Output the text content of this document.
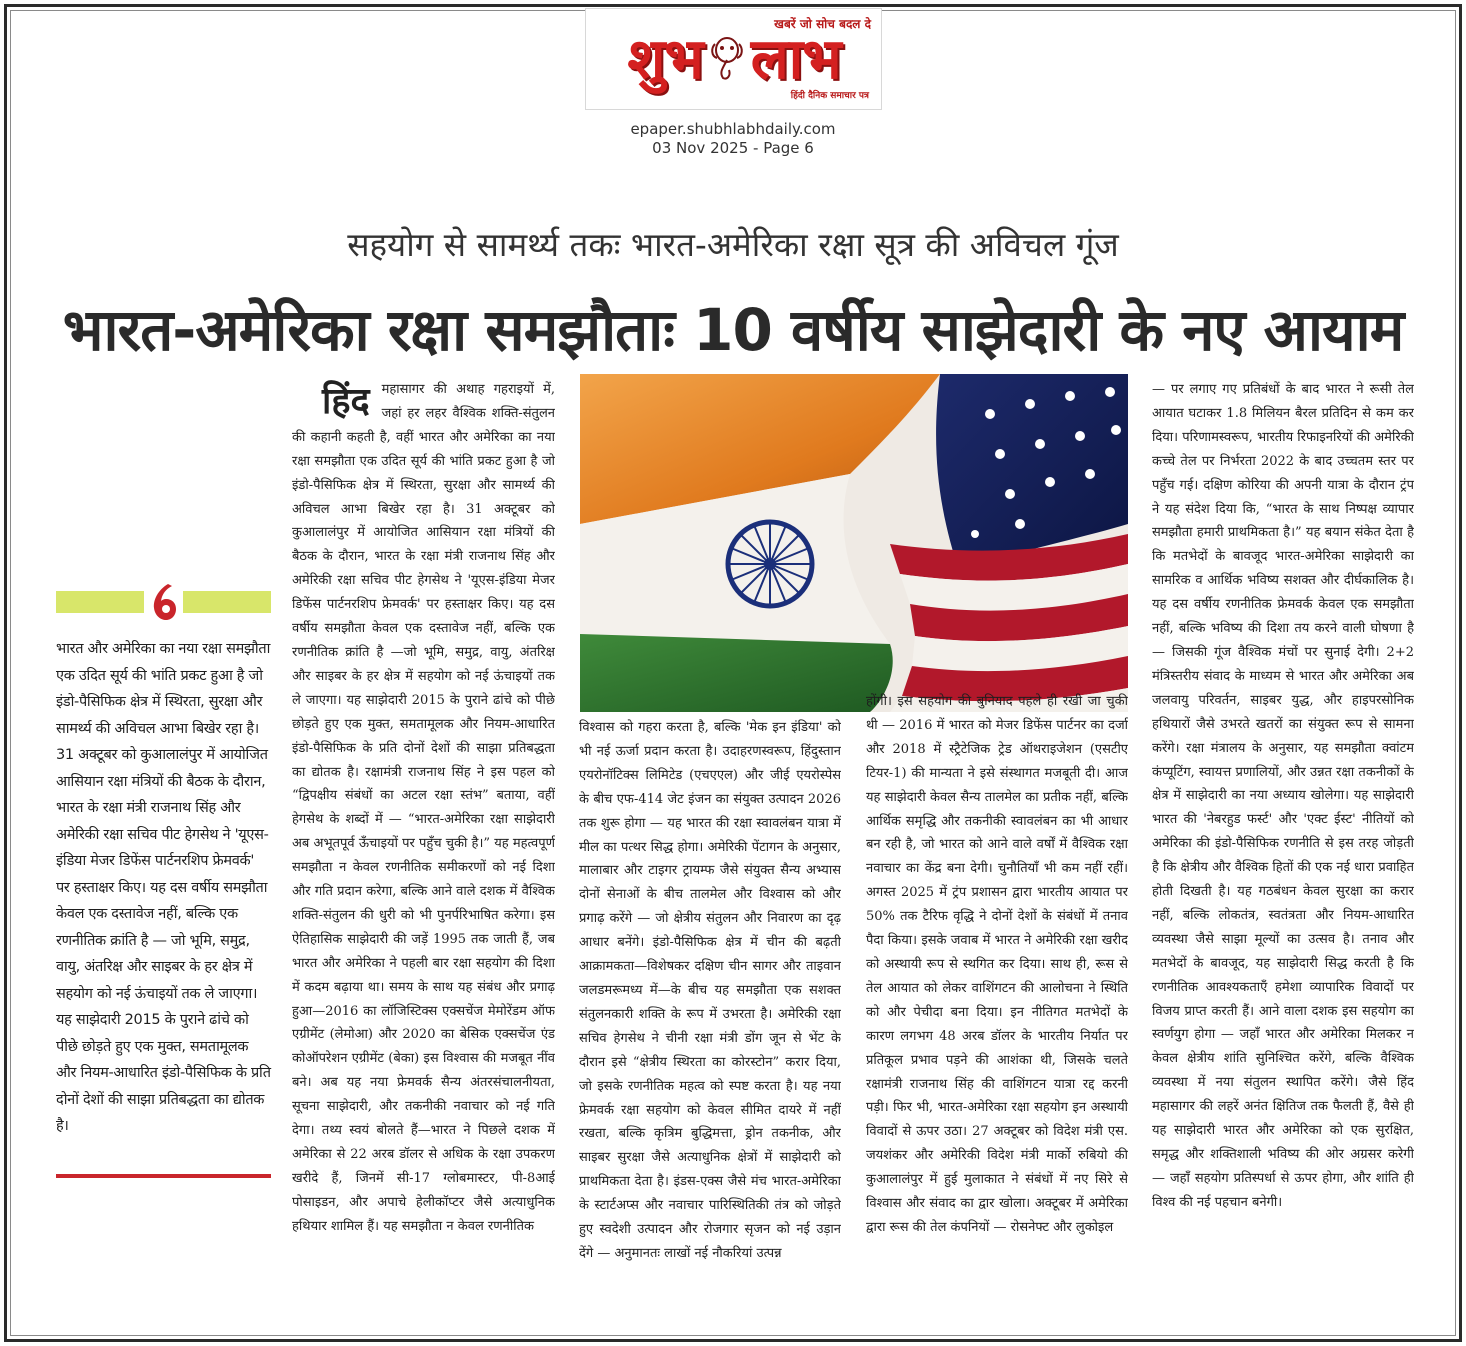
खबरें जो सोच बदल दे
शुभ लाभ
हिंदी दैनिक समाचार पत्र
epaper.shubhlabhdaily.com
03 Nov 2025 - Page 6
सहयोग से सामर्थ्य तकः भारत-अमेरिका रक्षा सूत्र की अविचल गूंज
भारत-अमेरिका रक्षा समझौताः 10 वर्षीय साझेदारी के नए आयाम
भारत और अमेरिका का नया रक्षा समझौता एक उदित सूर्य की भांति प्रकट हुआ है जो इंडो-पैसिफिक क्षेत्र में स्थिरता, सुरक्षा और सामर्थ्य की अविचल आभा बिखेर रहा है। 31 अक्टूबर को कुआलालंपुर में आयोजित आसियान रक्षा मंत्रियों की बैठक के दौरान, भारत के रक्षा मंत्री राजनाथ सिंह और अमेरिकी रक्षा सचिव पीट हेगसेथ ने 'यूएस-इंडिया मेजर डिफेंस पार्टनरशिप फ्रेमवर्क' पर हस्ताक्षर किए। यह दस वर्षीय समझौता केवल एक दस्तावेज नहीं, बल्कि एक रणनीतिक क्रांति है — जो भूमि, समुद्र, वायु, अंतरिक्ष और साइबर के हर क्षेत्र में सहयोग को नई ऊंचाइयों तक ले जाएगा। यह साझेदारी 2015 के पुराने ढांचे को पीछे छोड़ते हुए एक मुक्त, समतामूलक और नियम-आधारित इंडो-पैसिफिक के प्रति दोनों देशों की साझा प्रतिबद्धता का द्योतक है।
हिंद महासागर की अथाह गहराइयों में, जहां हर लहर वैश्विक शक्ति-संतुलन की कहानी कहती है, वहीं भारत और अमेरिका का नया रक्षा समझौता एक उदित सूर्य की भांति प्रकट हुआ है जो इंडो-पैसिफिक क्षेत्र में स्थिरता, सुरक्षा और सामर्थ्य की अविचल आभा बिखेर रहा है। 31 अक्टूबर को कुआलालंपुर में आयोजित आसियान रक्षा मंत्रियों की बैठक के दौरान, भारत के रक्षा मंत्री राजनाथ सिंह और अमेरिकी रक्षा सचिव पीट हेगसेथ ने 'यूएस-इंडिया मेजर डिफेंस पार्टनरशिप फ्रेमवर्क' पर हस्ताक्षर किए। यह दस वर्षीय समझौता केवल एक दस्तावेज नहीं, बल्कि एक रणनीतिक क्रांति है —जो भूमि, समुद्र, वायु, अंतरिक्ष और साइबर के हर क्षेत्र में सहयोग को नई ऊंचाइयों तक ले जाएगा। यह साझेदारी 2015 के पुराने ढांचे को पीछे छोड़ते हुए एक मुक्त, समतामूलक और नियम-आधारित इंडो-पैसिफिक के प्रति दोनों देशों की साझा प्रतिबद्धता का द्योतक है। रक्षामंत्री राजनाथ सिंह ने इस पहल को “द्विपक्षीय संबंधों का अटल रक्षा स्तंभ” बताया, वहीं हेगसेथ के शब्दों में — “भारत-अमेरिका रक्षा साझेदारी अब अभूतपूर्व ऊँचाइयों पर पहुँच चुकी है।” यह महत्वपूर्ण समझौता न केवल रणनीतिक समीकरणों को नई दिशा और गति प्रदान करेगा, बल्कि आने वाले दशक में वैश्विक शक्ति-संतुलन की धुरी को भी पुनर्परिभाषित करेगा। इस ऐतिहासिक साझेदारी की जड़ें 1995 तक जाती हैं, जब भारत और अमेरिका ने पहली बार रक्षा सहयोग की दिशा में कदम बढ़ाया था। समय के साथ यह संबंध और प्रगाढ़ हुआ—2016 का लॉजिस्टिक्स एक्सचेंज मेमोरेंडम ऑफ एग्रीमेंट (लेमोआ) और 2020 का बेसिक एक्सचेंज एंड कोऑपरेशन एग्रीमेंट (बेका) इस विश्वास की मजबूत नींव बने। अब यह नया फ्रेमवर्क सैन्य अंतरसंचालनीयता, सूचना साझेदारी, और तकनीकी नवाचार को नई गति देगा। तथ्य स्वयं बोलते हैं—भारत ने पिछले दशक में अमेरिका से 22 अरब डॉलर से अधिक के रक्षा उपकरण खरीदे हैं, जिनमें सी-17 ग्लोबमास्टर, पी-8आई पोसाइडन, और अपाचे हेलीकॉप्टर जैसे अत्याधुनिक हथियार शामिल हैं। यह समझौता न केवल रणनीतिक

विश्वास को गहरा करता है, बल्कि 'मेक इन इंडिया' को भी नई ऊर्जा प्रदान करता है। उदाहरणस्वरूप, हिंदुस्तान एयरोनॉटिक्स लिमिटेड (एचएएल) और जीई एयरोस्पेस के बीच एफ-414 जेट इंजन का संयुक्त उत्पादन 2026 तक शुरू होगा — यह भारत की रक्षा स्वावलंबन यात्रा में मील का पत्थर सिद्ध होगा। अमेरिकी पेंटागन के अनुसार, मालाबार और टाइगर ट्रायम्फ जैसे संयुक्त सैन्य अभ्यास दोनों सेनाओं के बीच तालमेल और विश्वास को और प्रगाढ़ करेंगे — जो क्षेत्रीय संतुलन और निवारण का दृढ़ आधार बनेंगे। इंडो-पैसिफिक क्षेत्र में चीन की बढ़ती आक्रामकता—विशेषकर दक्षिण चीन सागर और ताइवान जलडमरूमध्य में—के बीच यह समझौता एक सशक्त संतुलनकारी शक्ति के रूप में उभरता है। अमेरिकी रक्षा सचिव हेगसेथ ने चीनी रक्षा मंत्री डोंग जून से भेंट के दौरान इसे “क्षेत्रीय स्थिरता का कोरस्टोन” करार दिया, जो इसके रणनीतिक महत्व को स्पष्ट करता है। यह नया फ्रेमवर्क रक्षा सहयोग को केवल सीमित दायरे में नहीं रखता, बल्कि कृत्रिम बुद्धिमत्ता, ड्रोन तकनीक, और साइबर सुरक्षा जैसे अत्याधुनिक क्षेत्रों में साझेदारी को प्राथमिकता देता है। इंडस-एक्स जैसे मंच भारत-अमेरिका के स्टार्टअप्स और नवाचार पारिस्थितिकी तंत्र को जोड़ते हुए स्वदेशी उत्पादन और रोजगार सृजन को नई उड़ान देंगे — अनुमानतः लाखों नई नौकरियां उत्पन्न

होंगी। इस सहयोग की बुनियाद पहले ही रखी जा चुकी थी — 2016 में भारत को मेजर डिफेंस पार्टनर का दर्जा और 2018 में स्ट्रैटेजिक ट्रेड ऑथराइजेशन (एसटीए टियर-1) की मान्यता ने इसे संस्थागत मजबूती दी। आज यह साझेदारी केवल सैन्य तालमेल का प्रतीक नहीं, बल्कि आर्थिक समृद्धि और तकनीकी स्वावलंबन का भी आधार बन रही है, जो भारत को आने वाले वर्षों में वैश्विक रक्षा नवाचार का केंद्र बना देगी। चुनौतियाँ भी कम नहीं रहीं। अगस्त 2025 में ट्रंप प्रशासन द्वारा भारतीय आयात पर 50% तक टैरिफ वृद्धि ने दोनों देशों के संबंधों में तनाव पैदा किया। इसके जवाब में भारत ने अमेरिकी रक्षा खरीद को अस्थायी रूप से स्थगित कर दिया। साथ ही, रूस से तेल आयात को लेकर वाशिंगटन की आलोचना ने स्थिति को और पेचीदा बना दिया। इन नीतिगत मतभेदों के कारण लगभग 48 अरब डॉलर के भारतीय निर्यात पर प्रतिकूल प्रभाव पड़ने की आशंका थी, जिसके चलते रक्षामंत्री राजनाथ सिंह की वाशिंगटन यात्रा रद्द करनी पड़ी। फिर भी, भारत-अमेरिका रक्षा सहयोग इन अस्थायी विवादों से ऊपर उठा। 27 अक्टूबर को विदेश मंत्री एस. जयशंकर और अमेरिकी विदेश मंत्री मार्को रुबियो की कुआलालंपुर में हुई मुलाकात ने संबंधों में नए सिरे से विश्वास और संवाद का द्वार खोला। अक्टूबर में अमेरिका द्वारा रूस की तेल कंपनियों — रोसनेफ्ट और लुकोइल

— पर लगाए गए प्रतिबंधों के बाद भारत ने रूसी तेल आयात घटाकर 1.8 मिलियन बैरल प्रतिदिन से कम कर दिया। परिणामस्वरूप, भारतीय रिफाइनरियों की अमेरिकी कच्चे तेल पर निर्भरता 2022 के बाद उच्चतम स्तर पर पहुँच गई। दक्षिण कोरिया की अपनी यात्रा के दौरान ट्रंप ने यह संदेश दिया कि, “भारत के साथ निष्पक्ष व्यापार समझौता हमारी प्राथमिकता है।” यह बयान संकेत देता है कि मतभेदों के बावजूद भारत-अमेरिका साझेदारी का सामरिक व आर्थिक भविष्य सशक्त और दीर्घकालिक है। यह दस वर्षीय रणनीतिक फ्रेमवर्क केवल एक समझौता नहीं, बल्कि भविष्य की दिशा तय करने वाली घोषणा है — जिसकी गूंज वैश्विक मंचों पर सुनाई देगी। 2+2 मंत्रिस्तरीय संवाद के माध्यम से भारत और अमेरिका अब जलवायु परिवर्तन, साइबर युद्ध, और हाइपरसोनिक हथियारों जैसे उभरते खतरों का संयुक्त रूप से सामना करेंगे। रक्षा मंत्रालय के अनुसार, यह समझौता क्वांटम कंप्यूटिंग, स्वायत्त प्रणालियों, और उन्नत रक्षा तकनीकों के क्षेत्र में साझेदारी का नया अध्याय खोलेगा। यह साझेदारी भारत की 'नेबरहुड फर्स्ट' और 'एक्ट ईस्ट' नीतियों को अमेरिका की इंडो-पैसिफिक रणनीति से इस तरह जोड़ती है कि क्षेत्रीय और वैश्विक हितों की एक नई धारा प्रवाहित होती दिखती है। यह गठबंधन केवल सुरक्षा का करार नहीं, बल्कि लोकतंत्र, स्वतंत्रता और नियम-आधारित व्यवस्था जैसे साझा मूल्यों का उत्सव है। तनाव और मतभेदों के बावजूद, यह साझेदारी सिद्ध करती है कि रणनीतिक आवश्यकताएँ हमेशा व्यापारिक विवादों पर विजय प्राप्त करती हैं। आने वाला दशक इस सहयोग का स्वर्णयुग होगा — जहाँ भारत और अमेरिका मिलकर न केवल क्षेत्रीय शांति सुनिश्चित करेंगे, बल्कि वैश्विक व्यवस्था में नया संतुलन स्थापित करेंगे। जैसे हिंद महासागर की लहरें अनंत क्षितिज तक फैलती हैं, वैसे ही यह साझेदारी भारत और अमेरिका को एक सुरक्षित, समृद्ध और शक्तिशाली भविष्य की ओर अग्रसर करेगी — जहाँ सहयोग प्रतिस्पर्धा से ऊपर होगा, और शांति ही विश्व की नई पहचान बनेगी।
